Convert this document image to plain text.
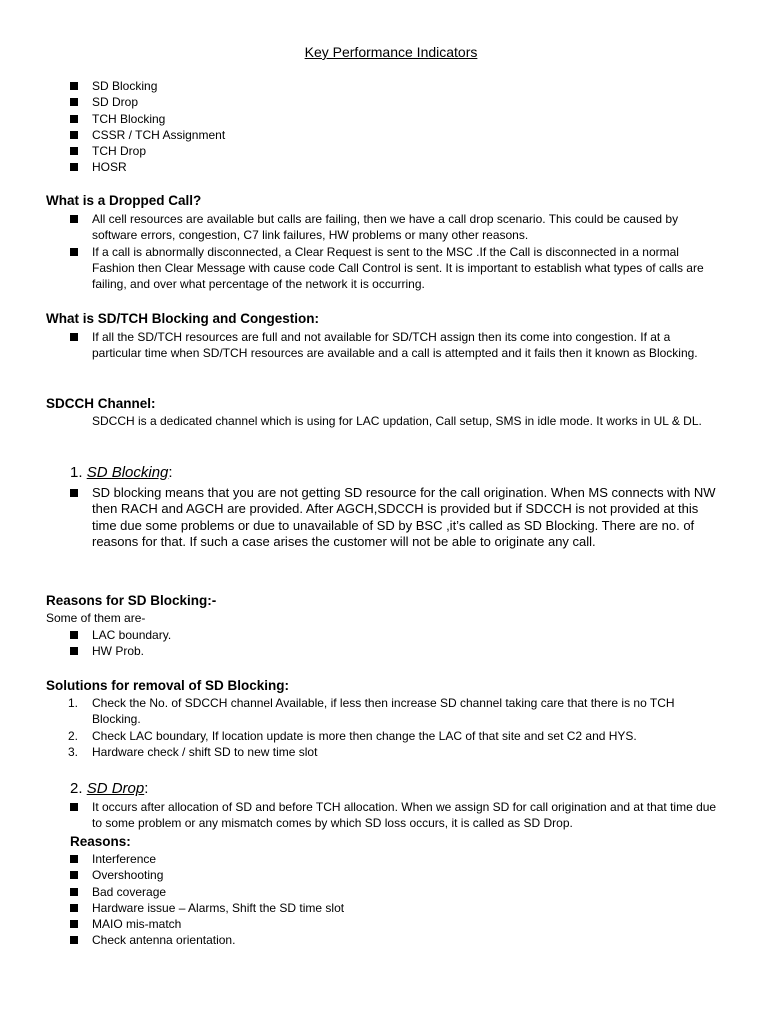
Key Performance Indicators
SD Blocking
SD Drop
TCH Blocking
CSSR / TCH Assignment
TCH Drop
HOSR
What is a Dropped Call?
All cell resources are available but calls are failing, then we have a call drop scenario. This could be caused by software errors, congestion, C7 link failures, HW problems or many other reasons.
If a call is abnormally disconnected, a Clear Request is sent to the MSC .If the Call is disconnected in a normal Fashion then Clear Message with cause code Call Control is sent. It is important to establish what types of calls are failing, and over what percentage of the network it is occurring.
What is SD/TCH Blocking and Congestion:
If all the SD/TCH resources are full and not available for SD/TCH assign then its come into congestion. If at a particular time when SD/TCH resources are available and a call is attempted and it fails then it known as Blocking.
SDCCH Channel:
SDCCH is a dedicated channel which is using for LAC updation, Call setup, SMS in idle mode. It works in UL & DL.
1. SD Blocking:
SD blocking means that you are not getting SD resource for the call origination. When MS connects with NW then RACH and AGCH are provided. After AGCH,SDCCH is provided but if SDCCH is not provided at this time due some problems or due to unavailable of SD by BSC ,it’s called as SD Blocking. There are no. of reasons for that. If such a case arises the customer will not be able to originate any call.
Reasons for SD Blocking:-
Some of them are-
LAC boundary.
HW Prob.
Solutions for removal of SD Blocking:
1. Check the No. of SDCCH channel Available, if less then increase SD channel taking care that there is no TCH Blocking.
2. Check LAC boundary, If location update is more then change the LAC of that site and set C2 and HYS.
3. Hardware check / shift SD to new time slot
2. SD Drop:
It occurs after allocation of SD and before TCH allocation. When we assign SD for call origination and at that time due to some problem or any mismatch comes by which SD loss occurs, it is called as SD Drop.
Reasons:
Interference
Overshooting
Bad coverage
Hardware issue – Alarms, Shift the SD time slot
MAIO mis-match
Check antenna orientation.
